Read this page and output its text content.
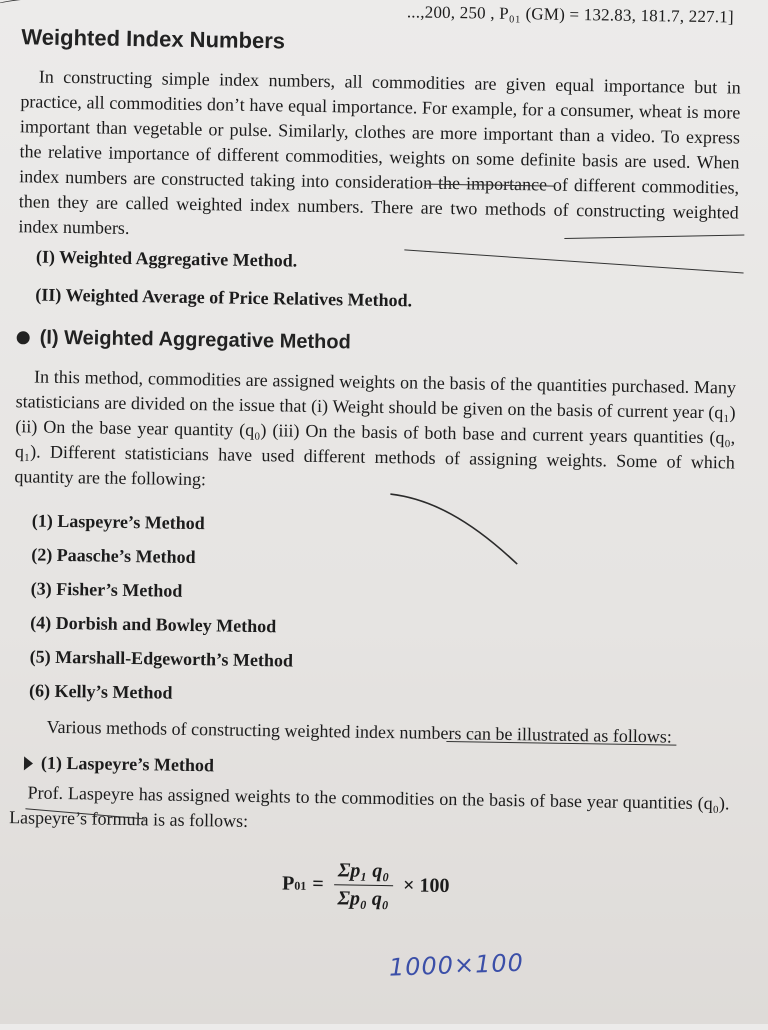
...,200, 250 , P₀₁ (GM) = 132.83, 181.7, 227.1]
Weighted Index Numbers

In constructing simple index numbers, all commodities are given equal importance but in practice, all commodities don’t have equal importance. For example, for a consumer, wheat is more important than vegetable or pulse. Similarly, clothes are more important than a video. To express the relative importance of different commodities, weights on some definite basis are used. When index numbers are constructed taking into consideration the importance of different commodities, then they are called weighted index numbers. There are two methods of constructing weighted index numbers.

(I) Weighted Aggregative Method.
(II) Weighted Average of Price Relatives Method.
(I) Weighted Aggregative Method

In this method, commodities are assigned weights on the basis of the quantities purchased. Many statisticians are divided on the issue that (i) Weight should be given on the basis of current year (q₁) (ii) On the base year quantity (q₀) (iii) On the basis of both base and current years quantities (q₀, q₁). Different statisticians have used different methods of assigning weights. Some of which quantity are the following:

(1) Laspeyre’s Method
(2) Paasche’s Method
(3) Fisher’s Method
(4) Dorbish and Bowley Method
(5) Marshall-Edgeworth’s Method
(6) Kelly’s Method

Various methods of constructing weighted index numbers can be illustrated as follows:

(1) Laspeyre’s Method

Prof. Laspeyre has assigned weights to the commodities on the basis of base year quantities (q₀). Laspeyre’s formula is as follows:

P $01 = \frac{\text{Σp₁ q₀}}{\text{Σp₀ q₀}} \times 100$
1000×100
